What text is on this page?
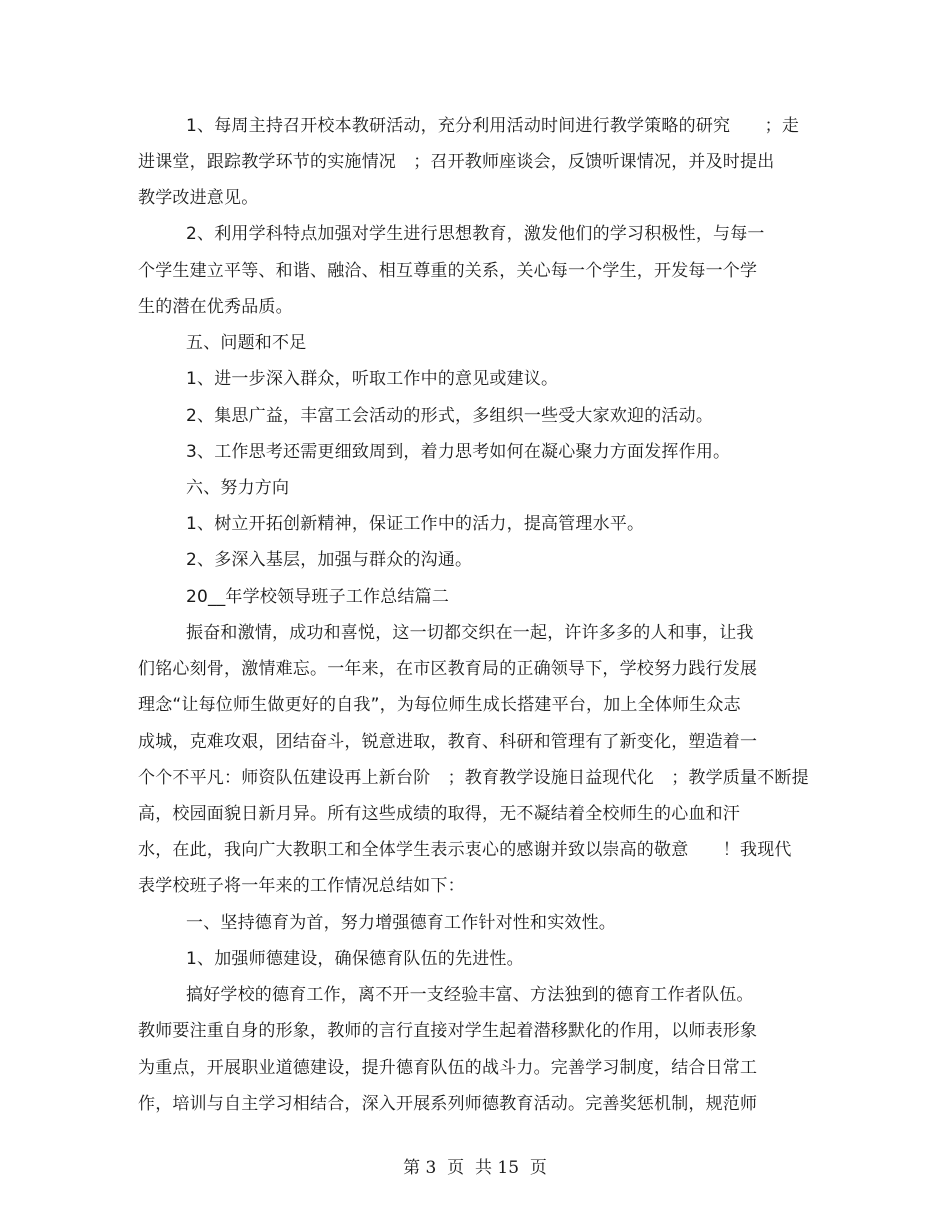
1、每周主持召开校本教研活动，充分利用活动时间进行教学策略的研究　　；走
进课堂，跟踪教学环节的实施情况　；召开教师座谈会，反馈听课情况，并及时提出
教学改进意见。
2、利用学科特点加强对学生进行思想教育，激发他们的学习积极性，与每一
个学生建立平等、和谐、融洽、相互尊重的关系，关心每一个学生，开发每一个学
生的潜在优秀品质。
五、问题和不足
1、进一步深入群众，听取工作中的意见或建议。
2、集思广益，丰富工会活动的形式，多组织一些受大家欢迎的活动。
3、工作思考还需更细致周到，着力思考如何在凝心聚力方面发挥作用。
六、努力方向
1、树立开拓创新精神，保证工作中的活力，提高管理水平。
2、多深入基层，加强与群众的沟通。
20__年学校领导班子工作总结篇二
振奋和激情，成功和喜悦，这一切都交织在一起，许许多多的人和事，让我
们铭心刻骨，激情难忘。一年来，在市区教育局的正确领导下，学校努力践行发展
理念“让每位师生做更好的自我”，为每位师生成长搭建平台，加上全体师生众志
成城，克难攻艰，团结奋斗，锐意进取，教育、科研和管理有了新变化，塑造着一
个个不平凡：师资队伍建设再上新台阶　；教育教学设施日益现代化　；教学质量不断提
高，校园面貌日新月异。所有这些成绩的取得，无不凝结着全校师生的心血和汗
水，在此，我向广大教职工和全体学生表示衷心的感谢并致以崇高的敬意　　！我现代
表学校班子将一年来的工作情况总结如下：
一、坚持德育为首，努力增强德育工作针对性和实效性。
1、加强师德建设，确保德育队伍的先进性。
搞好学校的德育工作，离不开一支经验丰富、方法独到的德育工作者队伍。
教师要注重自身的形象，教师的言行直接对学生起着潜移默化的作用，以师表形象
为重点，开展职业道德建设，提升德育队伍的战斗力。完善学习制度，结合日常工
作，培训与自主学习相结合，深入开展系列师德教育活动。完善奖惩机制，规范师
第 3  页  共 15  页
